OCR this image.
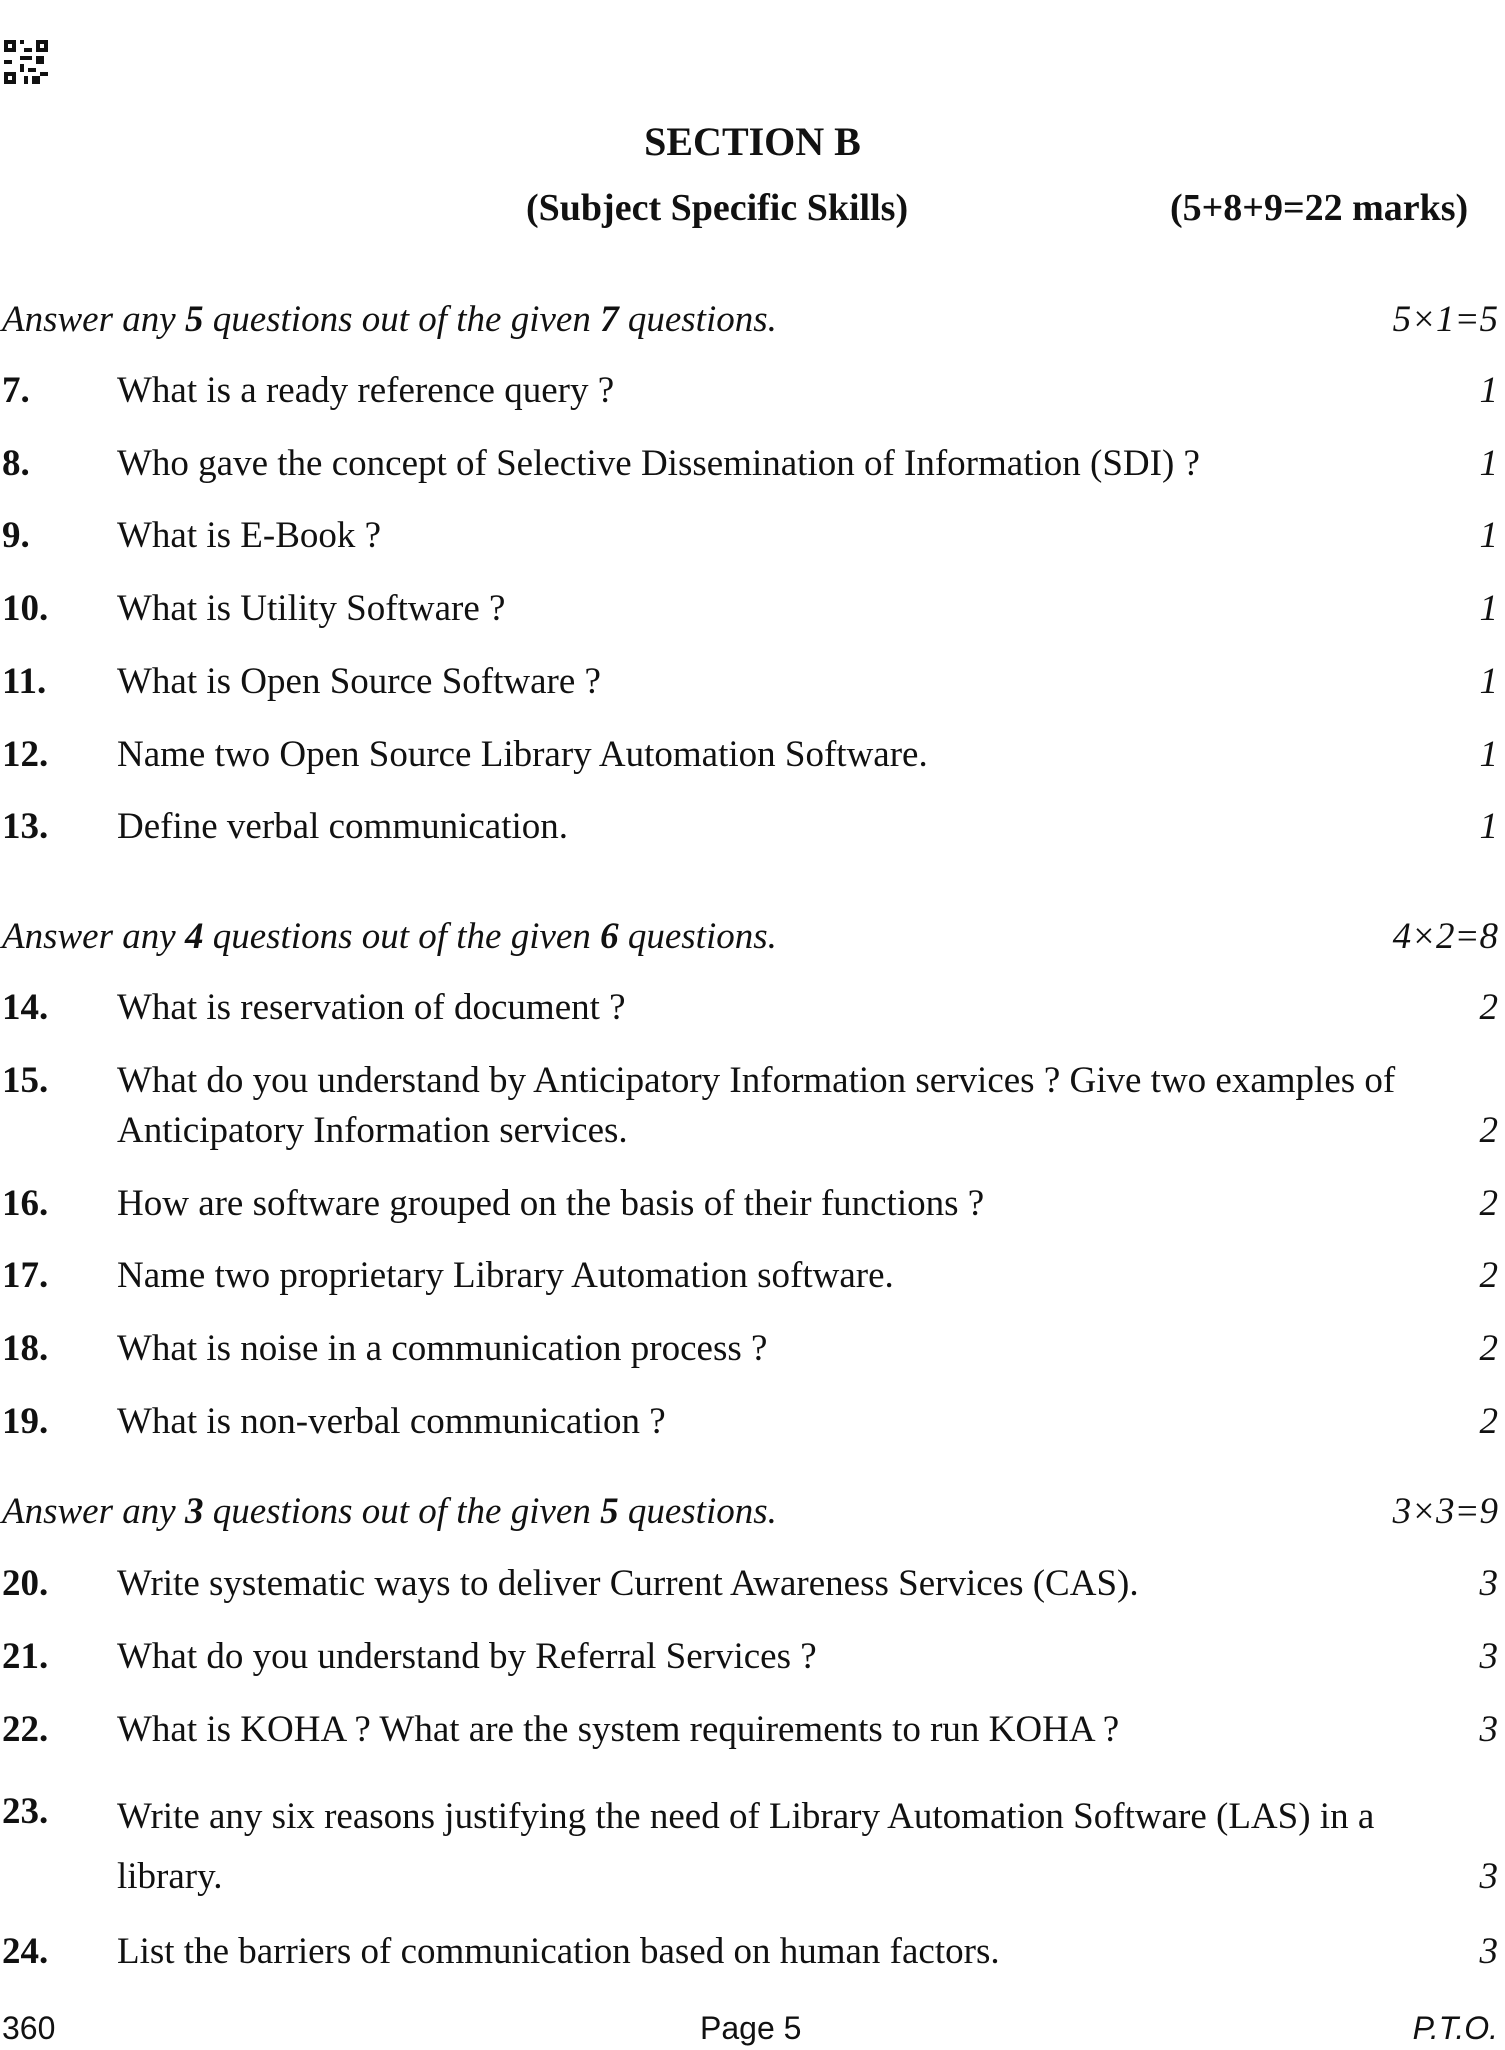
SECTION B
(Subject Specific Skills)	(5+8+9=22 marks)
Answer any 5 questions out of the given 7 questions.	5×1=5
7. What is a ready reference query ?	1
8. Who gave the concept of Selective Dissemination of Information (SDI) ?	1
9. What is E-Book ?	1
10. What is Utility Software ?	1
11. What is Open Source Software ?	1
12. Name two Open Source Library Automation Software.	1
13. Define verbal communication.	1
Answer any 4 questions out of the given 6 questions.	4×2=8
14. What is reservation of document ?	2
15. What do you understand by Anticipatory Information services ? Give two examples of Anticipatory Information services.	2
16. How are software grouped on the basis of their functions ?	2
17. Name two proprietary Library Automation software.	2
18. What is noise in a communication process ?	2
19. What is non-verbal communication ?	2
Answer any 3 questions out of the given 5 questions.	3×3=9
20. Write systematic ways to deliver Current Awareness Services (CAS).	3
21. What do you understand by Referral Services ?	3
22. What is KOHA ? What are the system requirements to run KOHA ?	3
23. Write any six reasons justifying the need of Library Automation Software (LAS) in a library.	3
24. List the barriers of communication based on human factors.	3
360	Page 5	P.T.O.
